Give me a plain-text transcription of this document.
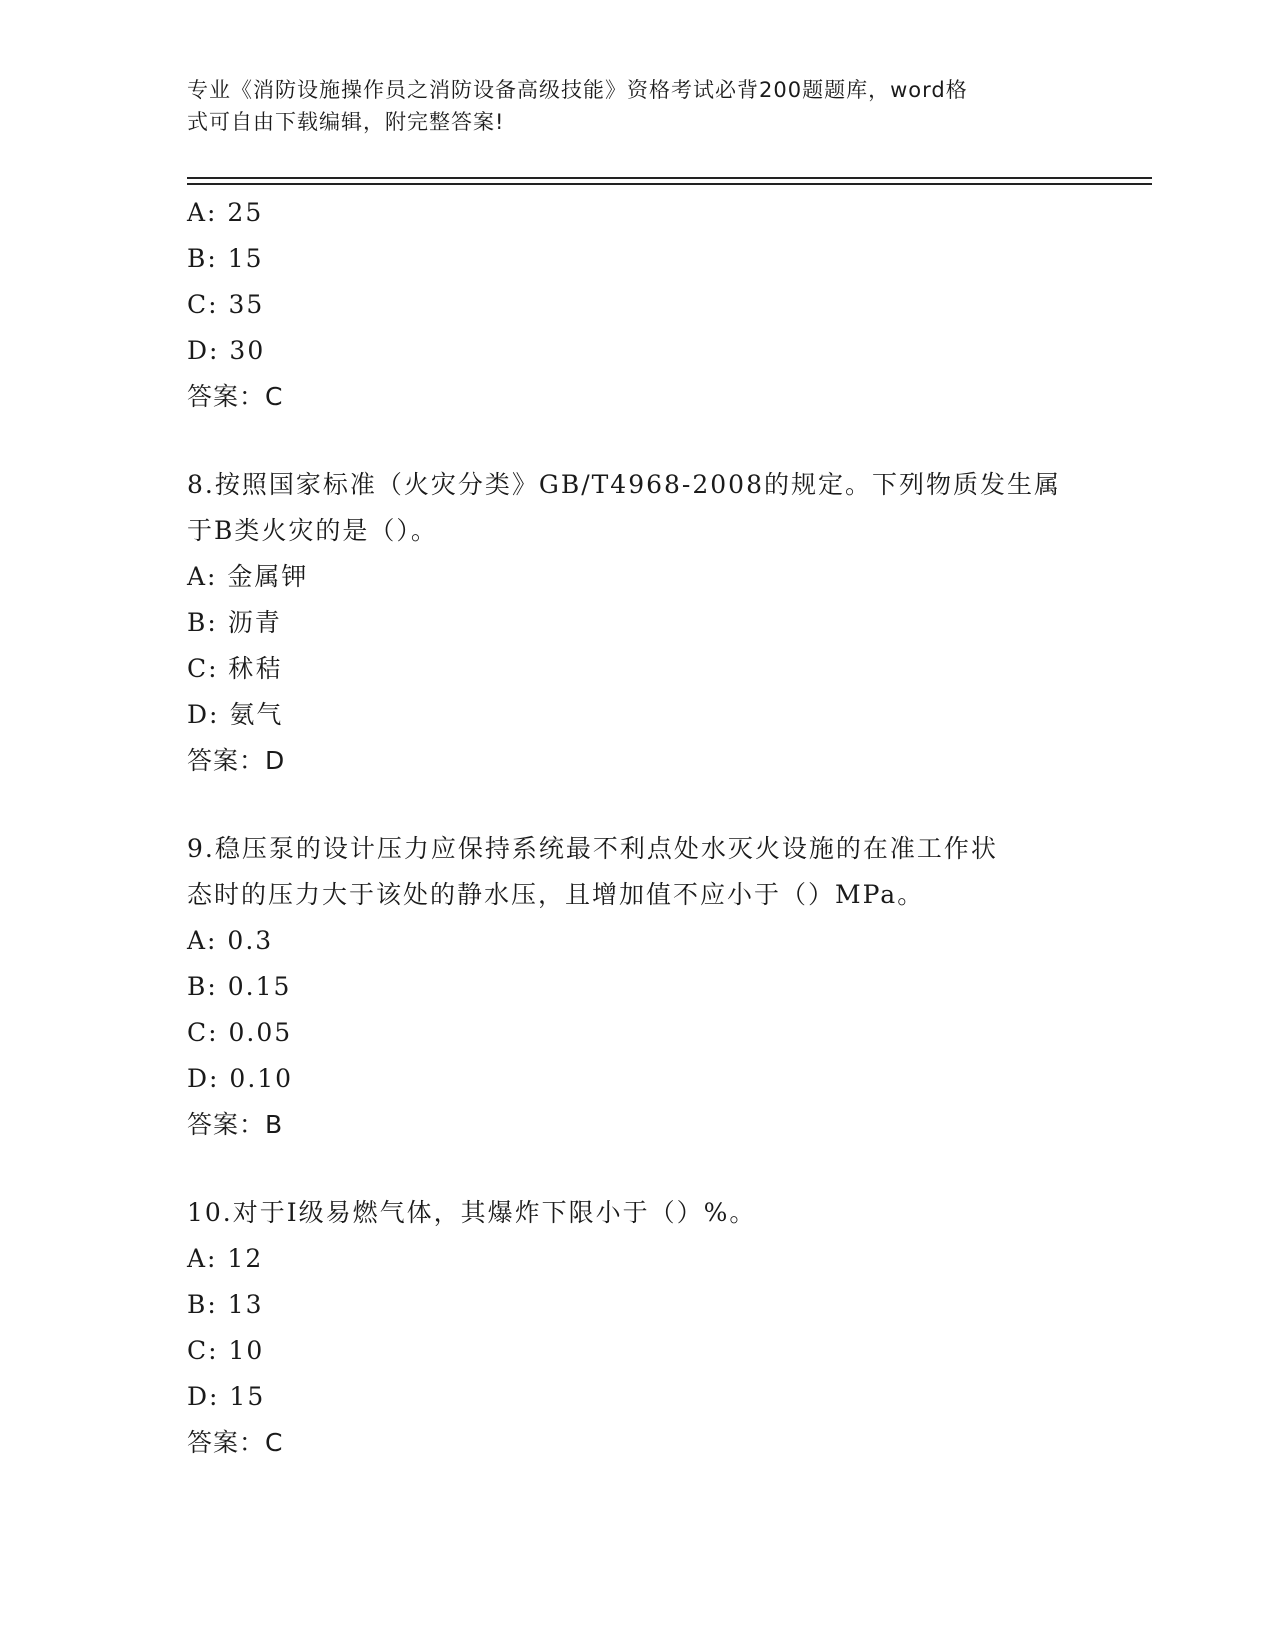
专业《消防设施操作员之消防设备高级技能》资格考试必背200题题库，word格
式可自由下载编辑，附完整答案!
A: 25
B: 15
C: 35
D: 30
答案：C
8.按照国家标准（火灾分类》GB/T4968-2008的规定。下列物质发生属
于B类火灾的是（）。
A: 金属钾
B: 沥青
C: 秫秸
D: 氨气
答案：D
9.稳压泵的设计压力应保持系统最不利点处水灭火设施的在准工作状
态时的压力大于该处的静水压，且增加值不应小于（）MPa。
A: 0.3
B: 0.15
C: 0.05
D: 0.10
答案：B
10.对于Ⅰ级易燃气体，其爆炸下限小于（）%。
A: 12
B: 13
C: 10
D: 15
答案：C
